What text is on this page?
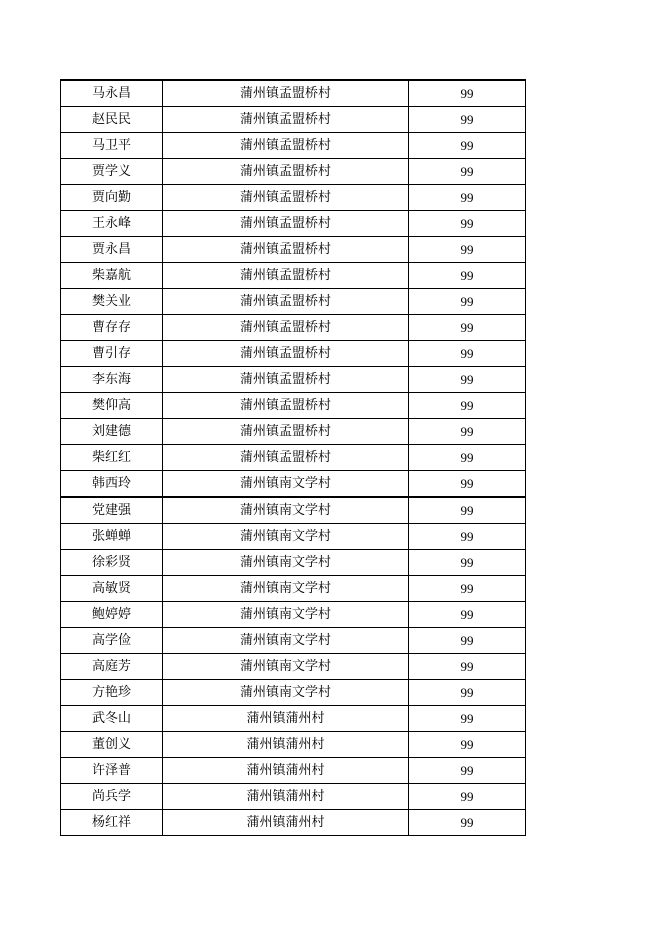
马永昌	蒲州镇孟盟桥村	99
赵民民	蒲州镇孟盟桥村	99
马卫平	蒲州镇孟盟桥村	99
贾学义	蒲州镇孟盟桥村	99
贾向勤	蒲州镇孟盟桥村	99
王永峰	蒲州镇孟盟桥村	99
贾永昌	蒲州镇孟盟桥村	99
柴嘉航	蒲州镇孟盟桥村	99
樊关业	蒲州镇孟盟桥村	99
曹存存	蒲州镇孟盟桥村	99
曹引存	蒲州镇孟盟桥村	99
李东海	蒲州镇孟盟桥村	99
樊仰高	蒲州镇孟盟桥村	99
刘建德	蒲州镇孟盟桥村	99
柴红红	蒲州镇孟盟桥村	99
韩西玲	蒲州镇南文学村	99
党建强	蒲州镇南文学村	99
张蝉蝉	蒲州镇南文学村	99
徐彩贤	蒲州镇南文学村	99
高敏贤	蒲州镇南文学村	99
鲍婷婷	蒲州镇南文学村	99
高学俭	蒲州镇南文学村	99
高庭芳	蒲州镇南文学村	99
方艳珍	蒲州镇南文学村	99
武冬山	蒲州镇蒲州村	99
董创义	蒲州镇蒲州村	99
许泽普	蒲州镇蒲州村	99
尚兵学	蒲州镇蒲州村	99
杨红祥	蒲州镇蒲州村	99
